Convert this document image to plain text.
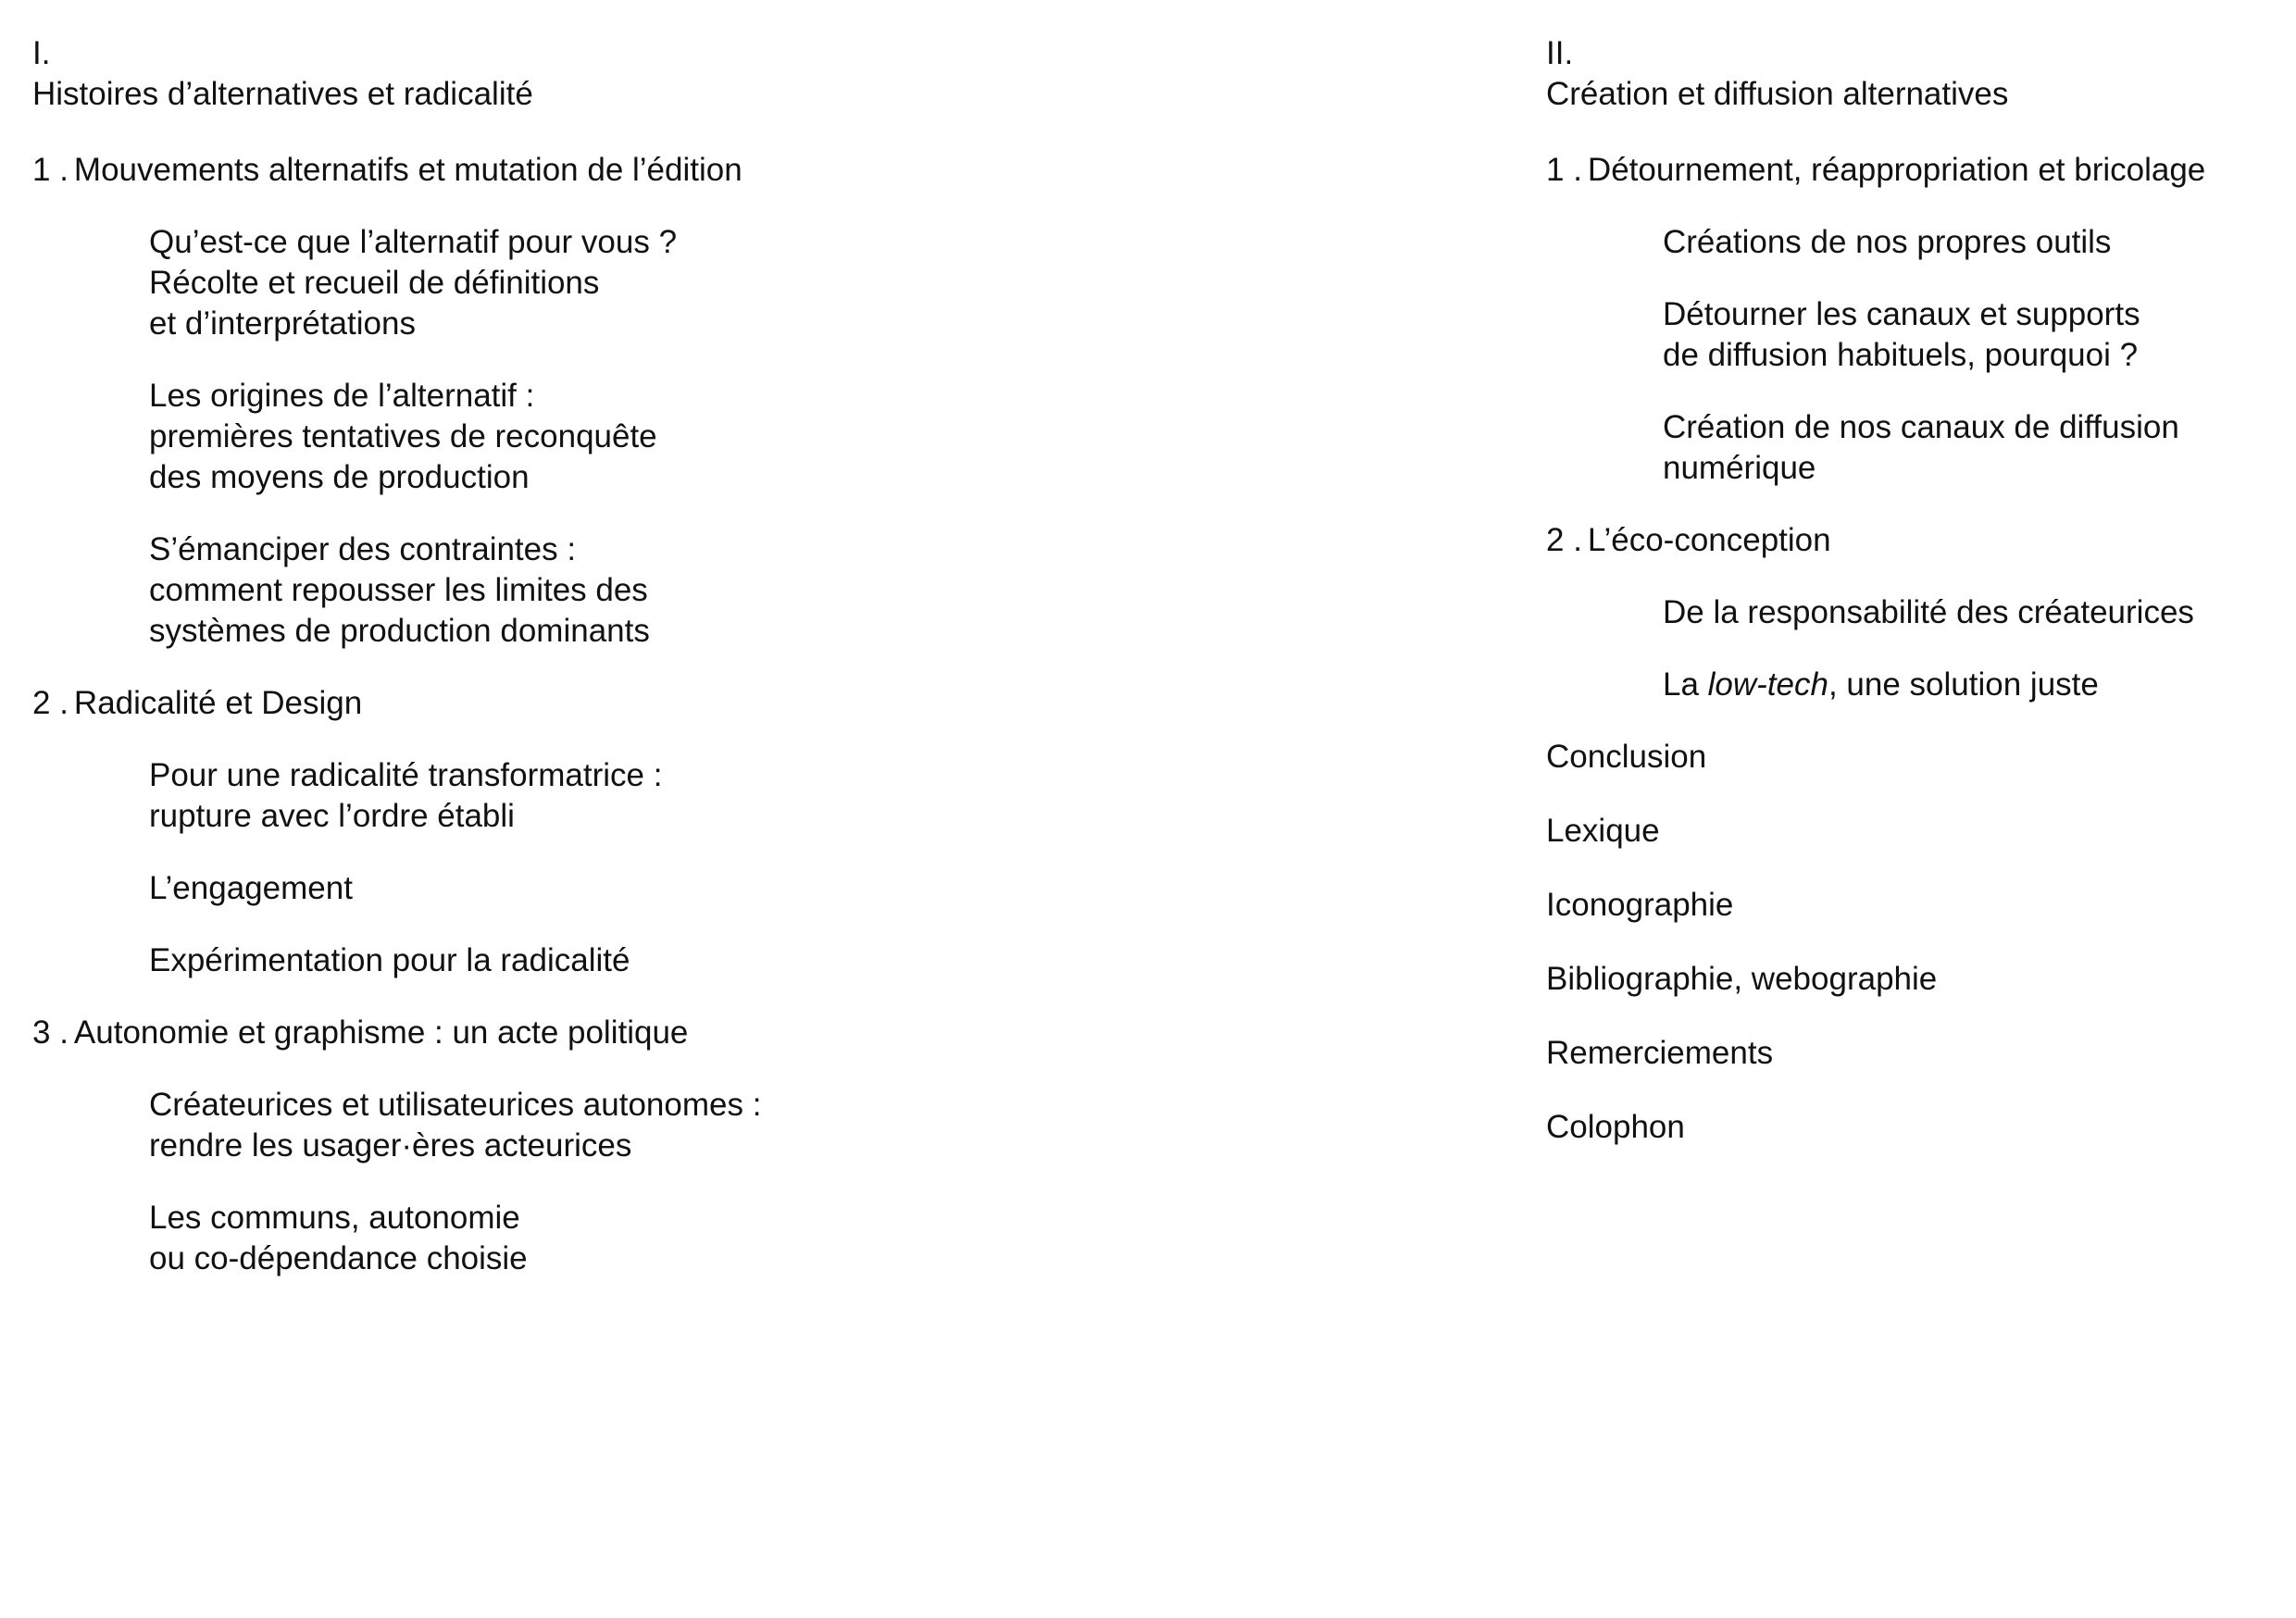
I.

Histoires d’alternatives et radicalité

1 . Mouvements alternatifs et mutation de l’édition

Qu’est-ce que l’alternatif pour vous ?
Récolte et recueil de définitions
et d’interprétations

Les origines de l’alternatif :
premières tentatives de reconquête
des moyens de production

S’émanciper des contraintes :
comment repousser les limites des
systèmes de production dominants

2 . Radicalité et Design

Pour une radicalité transformatrice :
rupture avec l’ordre établi

L’engagement

Expérimentation pour la radicalité

3 . Autonomie et graphisme : un acte politique

Créateurices et utilisateurices autonomes :
rendre les usager·ères acteurices

Les communs, autonomie
ou co-dépendance choisie

II.

Création et diffusion alternatives

1 . Détournement, réappropriation et bricolage

Créations de nos propres outils

Détourner les canaux et supports
de diffusion habituels, pourquoi ?

Création de nos canaux de diffusion
numérique

2 . L’éco-conception

De la responsabilité des créateurices

La low-tech, une solution juste

Conclusion

Lexique

Iconographie

Bibliographie, webographie

Remerciements

Colophon
